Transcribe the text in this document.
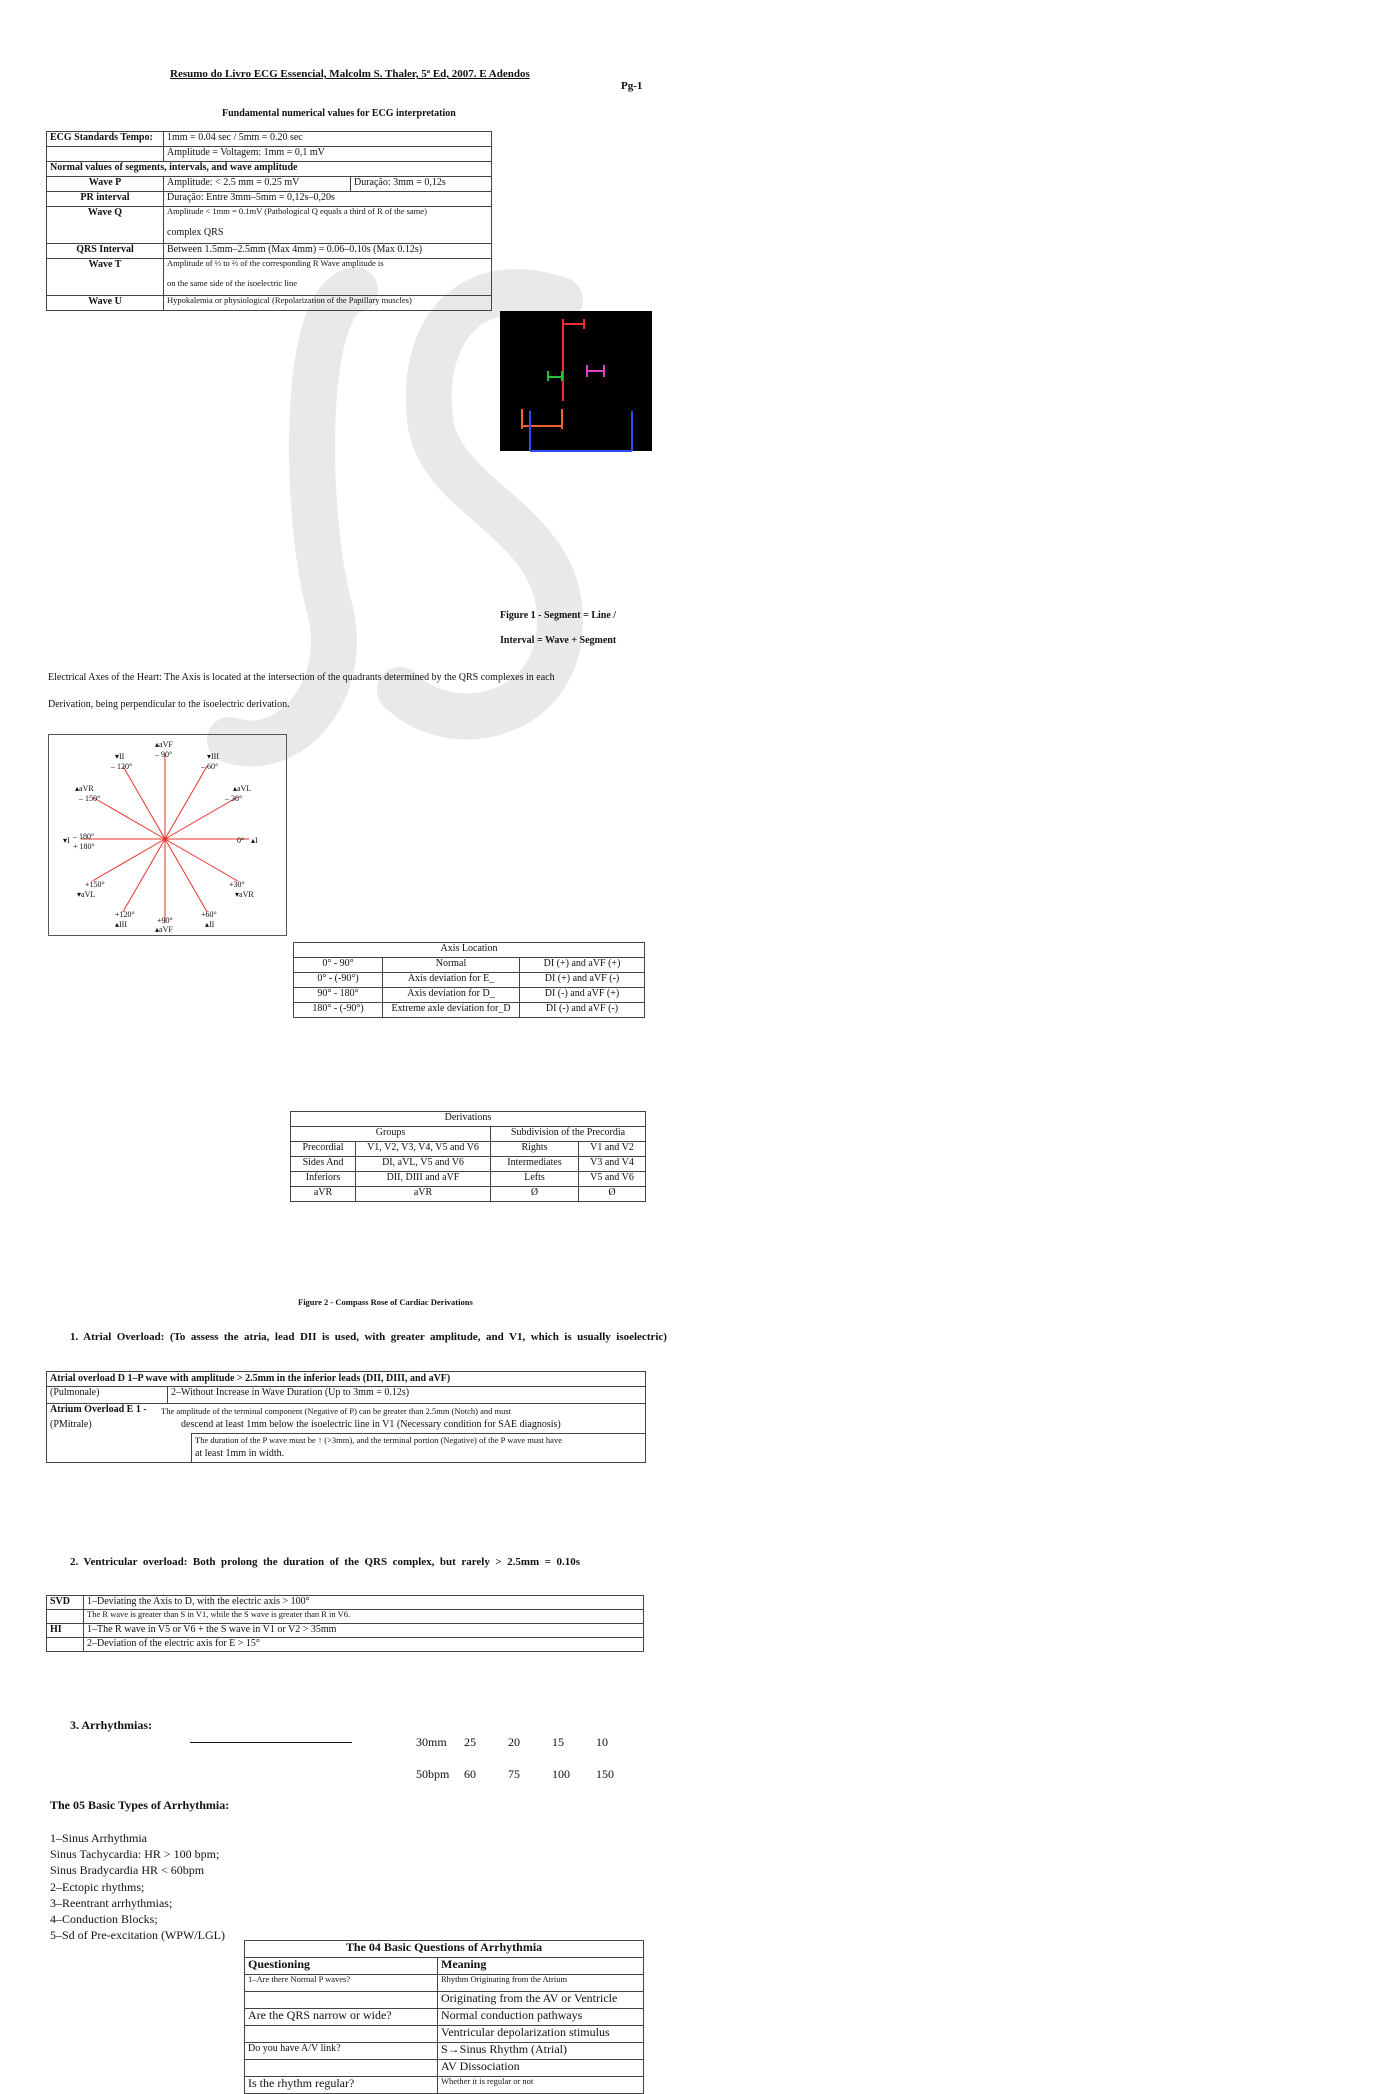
Resumo do Livro ECG Essencial, Malcolm S. Thaler, 5ª Ed, 2007. E Adendos
Pg-1
Fundamental numerical values for ECG interpretation
ECG Standards Tempo:	1mm = 0.04 sec / 5mm = 0.20 sec	
	Amplitude = Voltagem: 1mm = 0,1 mV	
Normal values of segments, intervals, and wave amplitude		
Wave P	Amplitude: < 2.5 mm = 0.25 mV	Duração: 3mm = 0,12s
PR interval	Duração: Entre 3mm–5mm = 0,12s–0,20s	
Wave Q	Amplitude < 1mm = 0.1mV (Pathological Q equals a third of R of the same)
complex QRS	

QRS Interval	Between 1.5mm–2.5mm (Max 4mm) = 0.06–0.10s (Max 0.12s)	
Wave T	Amplitude of ⅓ to ⅔ of the corresponding R Wave amplitude is
on the same side of the isoelectric line	

Wave U	Hypokalemia or physiological (Repolarization of the Papillary muscles)	
Figure 1 - Segment = Line /
Interval = Wave + Segment
Electrical Axes of the Heart: The Axis is located at the intersection of the quadrants determined by the QRS complexes in each
Derivation, being perpendicular to the isoelectric derivation.
▴aVF
– 90°
▾II
– 120°
▾III
– 60°
▴aVR
– 150°
▴aVL
– 30°
▾I – 180°
+ 180°
0° ▴I
+150°
▾aVL
+30°
▾aVR
+120°
▴III	+90°
▴aVF
+60°
▴II
Axis Location		
0° - 90°	Normal	DI (+) and aVF (+)
0° - (-90°)	Axis deviation for E_	DI (+) and aVF (-)
90° - 180°	Axis deviation for D_	DI (-) and aVF (+)
180° - (-90°)	Extreme axle deviation for_D	DI (-) and aVF (-)
Derivations			
Groups		Subdivision of the Precordia	
Precordial	V1, V2, V3, V4, V5 and V6	Rights	V1 and V2
Sides And	DI, aVL, V5 and V6	Intermediates	V3 and V4
Inferiors	DII, DIII and aVF	Lefts	V5 and V6
aVR	aVR	Ø	Ø
Figure 2 - Compass Rose of Cardiac Derivations
1.  Atrial  Overload:  (To  assess  the  atria,  lead  DII  is  used,  with  greater  amplitude,  and  V1,  which  is  usually  isoelectric)
Atrial overload D 1–P wave with amplitude > 2.5mm in the inferior leads (DII, DIII, and aVF)
(Pulmonale)	2–Without Increase in Wave Duration (Up to 3mm = 0.12s)
Atrium Overload E 1 - The amplitude of the terminal component (Negative of P) can be greater than 2.5mm (Notch) and must
(PMitrale)	descend at least 1mm below the isoelectric line in V1 (Necessary condition for SAE diagnosis)
The duration of the P wave must be ↑ (>3mm), and the terminal portion (Negative) of the P wave must have
at least 1mm in width.
2.  Ventricular  overload:  Both  prolong  the  duration  of  the  QRS  complex,  but  rarely  >  2.5mm  =  0.10s
SVD	1–Deviating the Axis to D, with the electric axis > 100°
	The R wave is greater than S in V1, while the S wave is greater than R in V6.
HI	1–The R wave in V5 or V6 + the S wave in V1 or V2 > 35mm
	2–Deviation of the electric axis for E > 15°
3. Arrhythmias:
30mm 25	20	15	10
50bpm 60	75	100 150
The 05 Basic Types of Arrhythmia:
1–Sinus Arrhythmia
Sinus Tachycardia: HR > 100 bpm;
Sinus Bradycardia HR < 60bpm
2–Ectopic rhythms;
3–Reentrant arrhythmias;
4–Conduction Blocks;
5–Sd of Pre-excitation (WPW/LGL)
The 04 Basic Questions of Arrhythmia	
Questioning	Meaning
1–Are there Normal P waves?	Rhythm Originating from the Atrium
	Originating from the AV or Ventricle
Are the QRS narrow or wide?	Normal conduction pathways
	Ventricular depolarization stimulus
Do you have A/V link?	S→Sinus Rhythm (Atrial)
	AV Dissociation
Is the rhythm regular?	Whether it is regular or not
